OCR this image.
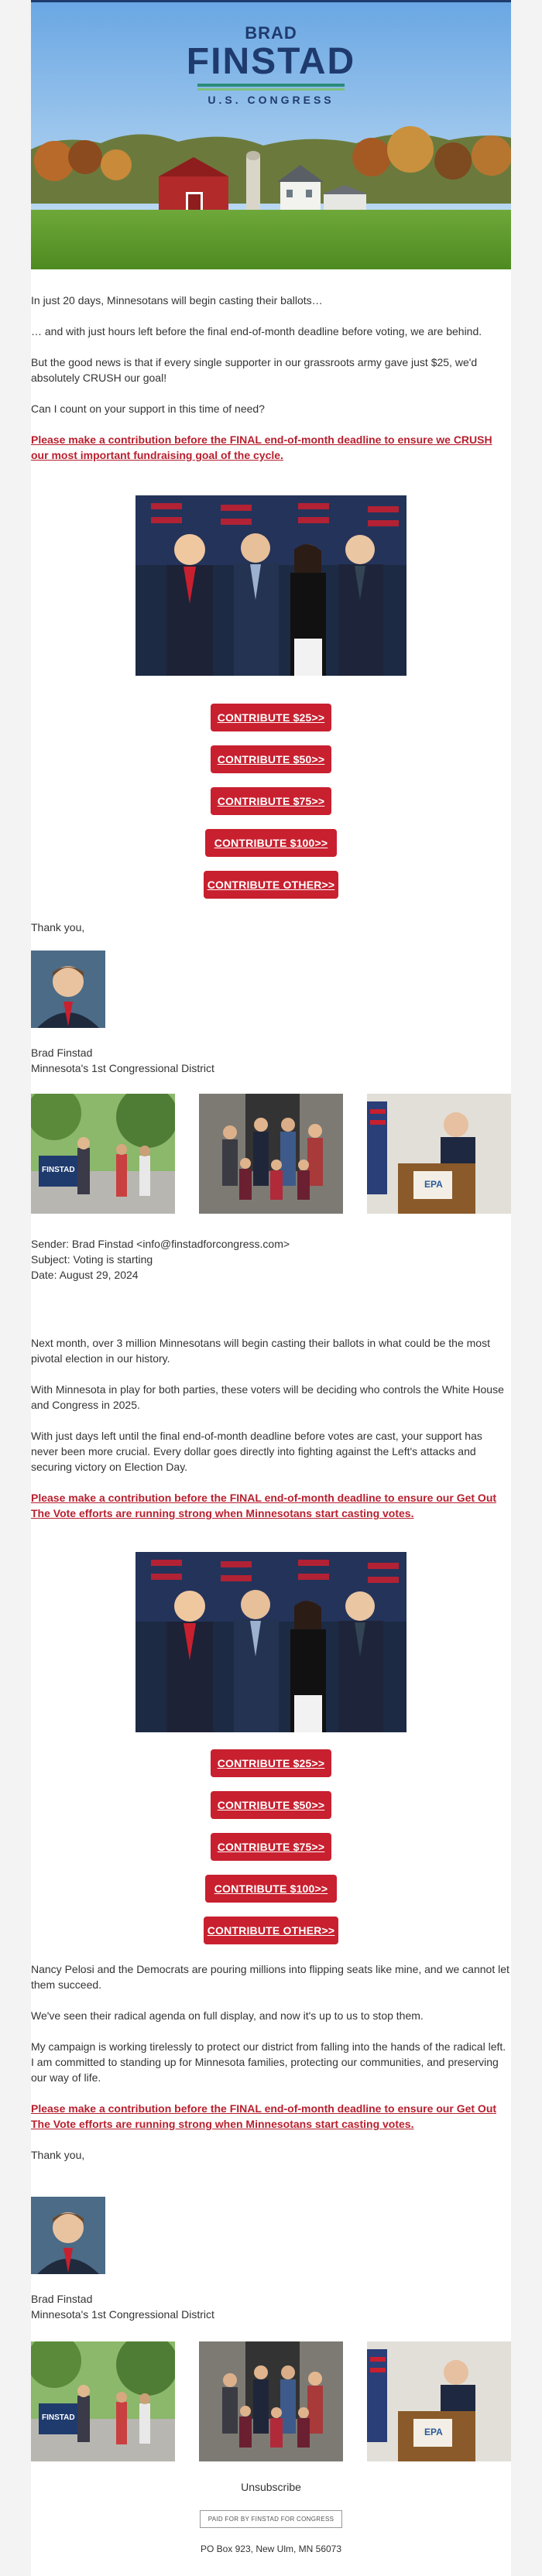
BRAD
FINSTAD
U.S. CONGRESS

In just 20 days, Minnesotans will begin casting their ballots…

… and with just hours left before the final end-of-month deadline before voting, we are behind.

But the good news is that if every single supporter in our grassroots army gave just $25, we'd absolutely CRUSH our goal!

Can I count on your support in this time of need?

Please make a contribution before the FINAL end-of-month deadline to ensure we CRUSH our most important fundraising goal of the cycle.
CONTRIBUTE $25>>
CONTRIBUTE $50>>
CONTRIBUTE $75>>
CONTRIBUTE $100>>
CONTRIBUTE OTHER>>

Thank you,

Brad Finstad

Minnesota's 1st Congressional District

FINSTAD
EPA

Sender: Brad Finstad <info@finstadforcongress.com>

Subject: Voting is starting

Date: August 29, 2024

Next month, over 3 million Minnesotans will begin casting their ballots in what could be the most pivotal election in our history.

With Minnesota in play for both parties, these voters will be deciding who controls the White House and Congress in 2025.

With just days left until the final end-of-month deadline before votes are cast, your support has never been more crucial. Every dollar goes directly into fighting against the Left's attacks and securing victory on Election Day.

Please make a contribution before the FINAL end-of-month deadline to ensure our Get Out The Vote efforts are running strong when Minnesotans start casting votes.
CONTRIBUTE $25>>
CONTRIBUTE $50>>
CONTRIBUTE $75>>
CONTRIBUTE $100>>
CONTRIBUTE OTHER>>

Nancy Pelosi and the Democrats are pouring millions into flipping seats like mine, and we cannot let them succeed.

We've seen their radical agenda on full display, and now it's up to us to stop them.

My campaign is working tirelessly to protect our district from falling into the hands of the radical left. I am committed to standing up for Minnesota families, protecting our communities, and preserving our way of life.

Please make a contribution before the FINAL end-of-month deadline to ensure our Get Out The Vote efforts are running strong when Minnesotans start casting votes.

Thank you,

Brad Finstad

Minnesota's 1st Congressional District

FINSTAD
EPA
Unsubscribe
PAID FOR BY FINSTAD FOR CONGRESS
PO Box 923, New Ulm, MN 56073
